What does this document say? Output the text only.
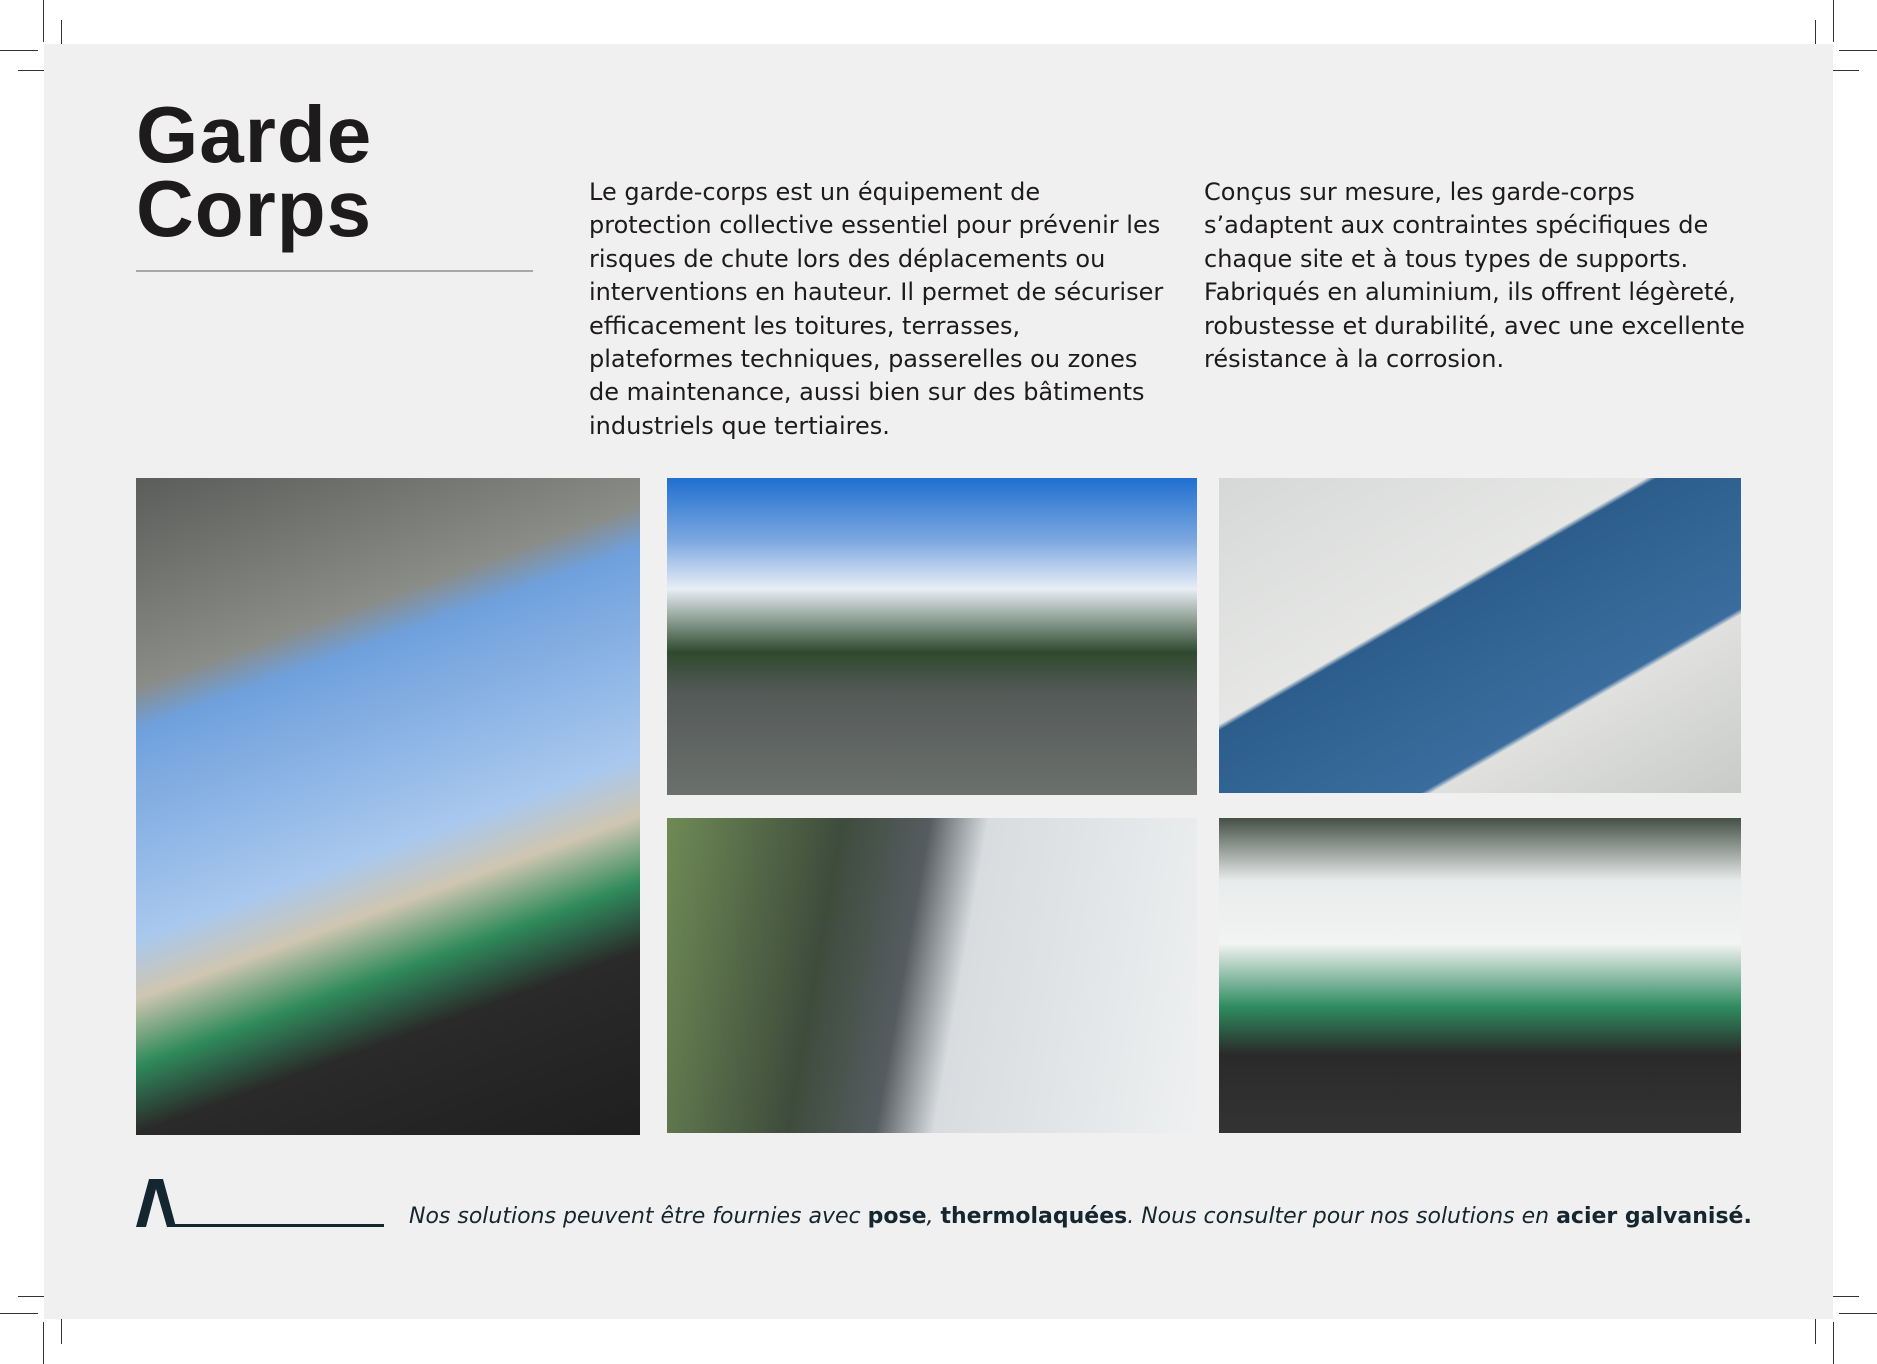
Garde
Corps	Le garde-corps est un équipement de protection collective essentiel pour prévenir les risques de chute lors des déplacements ou interventions en hauteur. Il permet de sécuriser efficacement les toitures, terrasses, plateformes techniques, passerelles ou zones de maintenance, aussi bien sur des bâtiments industriels que tertiaires.

Conçus sur mesure, les garde-corps s’adaptent aux contraintes spécifiques de chaque site et à tous types de supports. Fabriqués en aluminium, ils offrent légèreté, robustesse et durabilité, avec une excellente résistance à la corrosion.

Nos solutions peuvent être fournies avec pose, thermolaquées. Nous consulter pour nos solutions en acier galvanisé.
